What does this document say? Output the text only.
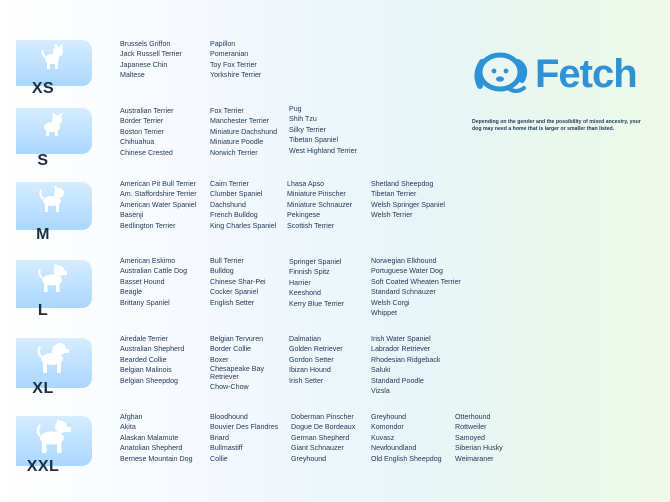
Fetch
Depending on the gender and the possibility of mixed ancestry, your dog may need a home that is larger or smaller than listed.
XS
Brussels Griffon
Jack Russell Terrier
Japanese Chin
Maltese
Papillon
Pomeranian
Toy Fox Terrier
Yorkshire Terrier
S
Australian Terrier
Border Terrier
Boston Terrier
Chihuahua
Chinese Crested
Fox Terrier
Manchester Terrier
Miniature Dachshund
Miniature Poodle
Norwich Terrier
Pug
Shih Tzu
Silky Terrier
Tibetan Spaniel
West Highland Terrier
M
American Pit Bull Terrier
Am. Staffordshire Terrier
American Water Spaniel
Basenji
Bedlington Terrier
Cairn Terrier
Clumber Spaniel
Dachshund
French Bulldog
King Charles Spaniel
Lhasa Apso
Miniature Pinscher
Miniature Schnauzer
Pekingese
Scottish Terrier
Shetland Sheepdog
Tibetan Terrier
Welsh Springer Spaniel
Welsh Terrier
L
American Eskimo
Australian Cattle Dog
Basset Hound
Beagle
Brittany Spaniel
Bull Terrier
Bulldog
Chinese Shar-Pei
Cocker Spaniel
English Setter
Springer Spaniel
Finnish Spitz
Harrier
Keeshond
Kerry Blue Terrier
Norwegian Elkhound
Portuguese Water Dog
Soft Coated Wheaten Terrier
Standard Schnauzer
Welsh Corgi
Whippet
XL
Airedale Terrier
Australian Shepherd
Bearded Collie
Belgian Malinois
Belgian Sheepdog
Belgian Tervuren
Border Collie
Boxer
Chesapeake Bay Retriever
Chow-Chow
Dalmatian
Golden Retriever
Gordon Setter
Ibizan Hound
Irish Setter
Irish Water Spaniel
Labrador Retriever
Rhodesian Ridgeback
Saluki
Standard Poodle
Vizsla
XXL
Afghan
Akita
Alaskan Malamute
Anatolian Shepherd
Bernese Mountain Dog
Bloodhound
Bouvier Des Flandres
Briard
Bullmastiff
Collie
Doberman Pinscher
Dogue De Bordeaux
German Shepherd
Giant Schnauzer
Greyhound
Greyhound
Komondor
Kuvasz
Newfoundland
Old English Sheepdog
Otterhound
Rottweiler
Samoyed
Siberian Husky
Weimaraner
